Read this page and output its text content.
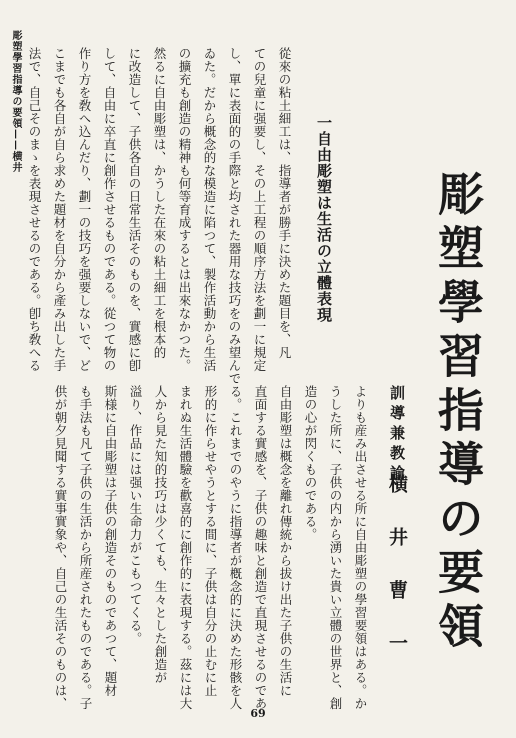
彫塑學習指導の要領——横井
彫塑學習指導の要領
訓導兼教諭
横井曹一
一自由彫塑は生活の立體表現
從來の粘土細工は、指導者が勝手に決めた題目を、凡
ての兒童に强要し、その上工程の順序方法を劃一に規定
し、單に表面的の手際と均された器用な技巧をのみ望んで
ゐた。だから概念的な模造に陷つて、製作活動から生活
の擴充も創造の精神も何等育成するとは出來なかつた。
然るに自由彫塑は、かうした在來の粘土細工を根本的
に改造して、子供各自の日常生活そのものを、實感に卽
して、自由に卒直に創作させるものである。從つて物の
作り方を敎へ込んだり、劃一の技巧を强要しないで、ど
こまでも各自が自ら求めた題材を自分から產み出した手
法で、自己そのまゝを表現させるのである。卽ち敎へる
よりも産み出させる所に自由彫塑の學習要領はある。か
うした所に、子供の内から湧いた貴い立體の世界と、創
造の心が閃くものである。
自由彫塑は概念を離れ傳統から拔け出た子供の生活に
直面する實感を、子供の趣味と創造で直現させるのであ
る。これまでのやうに指導者が槪念的に決めた形骸を人
形的に作らせやうとする間に、子供は自分の止むに止
まれぬ生活體驗を歡喜的に創作的に表現する。茲には大
人から見た知的技巧は少くても、生々とした創造が
溢り、作品には强い生命力がこもつてくる。
斯様に自由彫塑は子供の創造そのものであつて、題材
も手法も凡て子供の生活から所産されたものである。子
供が朝夕見聞する實事實象や、自己の生活そのものは、
69
